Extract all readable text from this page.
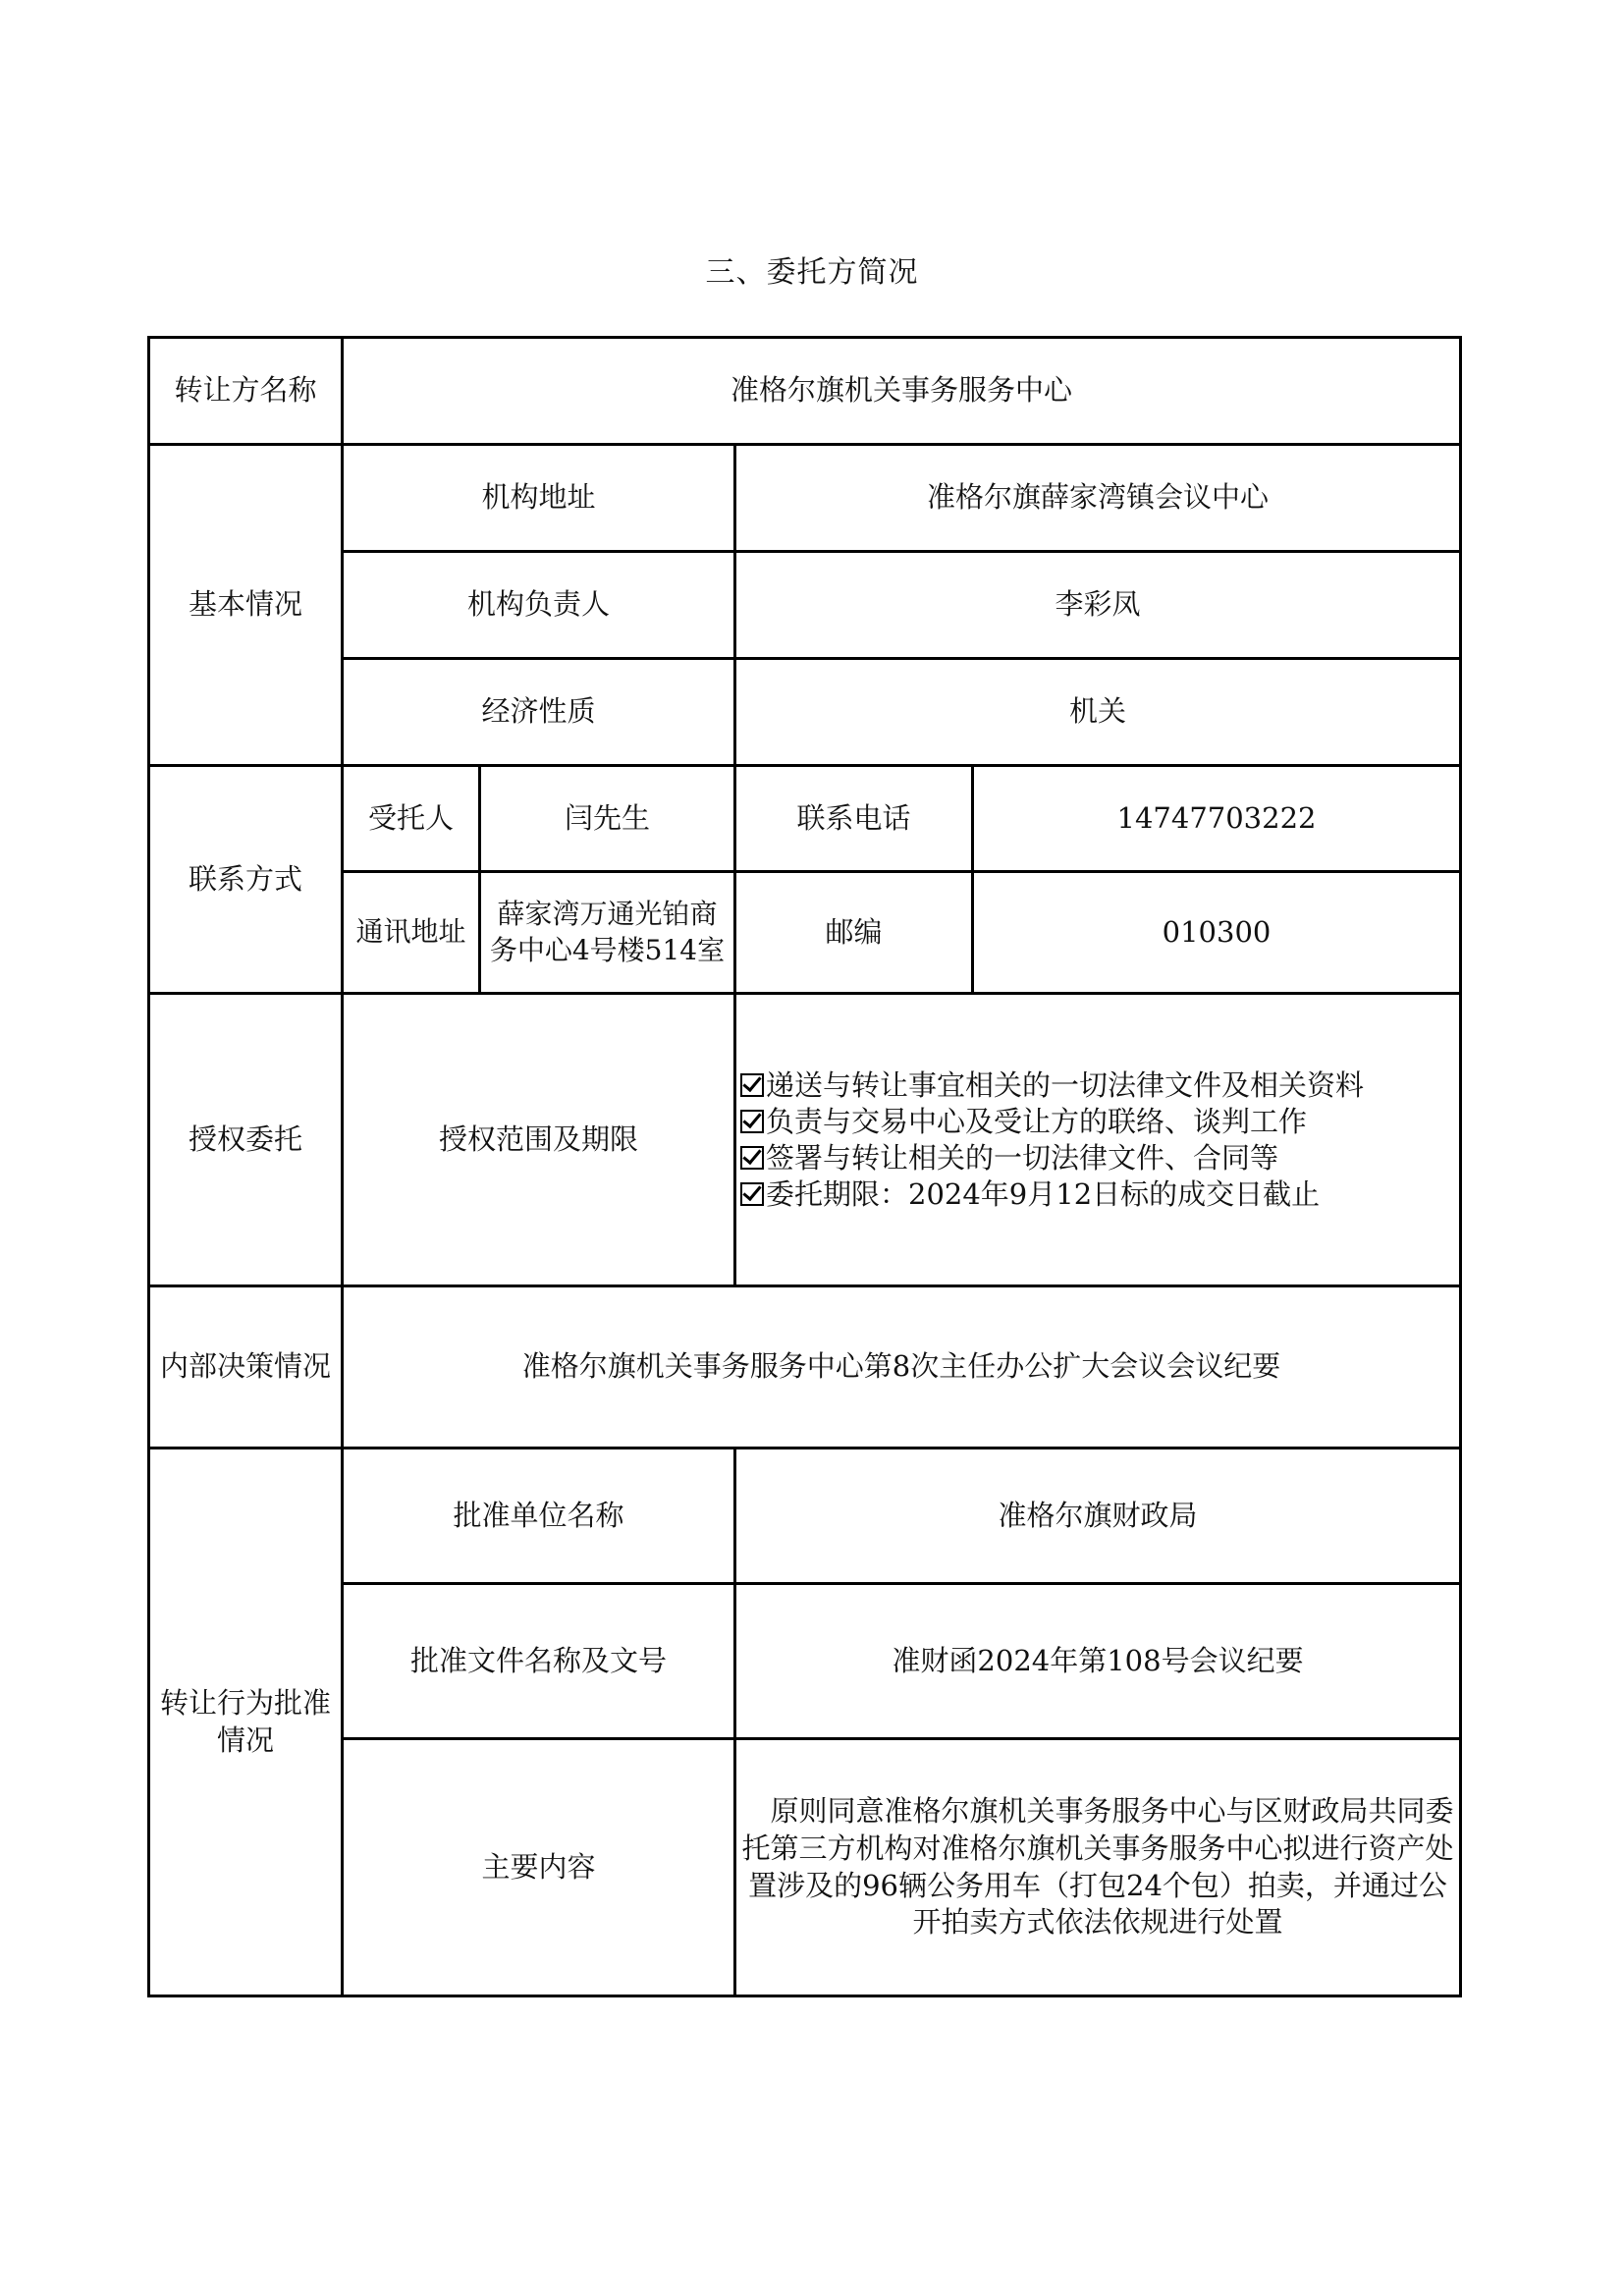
三、委托方简况
转让方名称	准格尔旗机关事务服务中心			
基本情况	机构地址		准格尔旗薛家湾镇会议中心	
	机构负责人		李彩凤	
	经济性质		机关	
联系方式	受托人	闫先生	联系电话	14747703222
	通讯地址	薛家湾万通光铂商务中心4号楼514室	邮编	010300
授权委托	授权范围及期限		递送与转让事宜相关的一切法律文件及相关资料
负责与交易中心及受让方的联络、谈判工作
签署与转让相关的一切法律文件、合同等
委托期限：2024年9月12日标的成交日截止	

内部决策情况	准格尔旗机关事务服务中心第8次主任办公扩大会议会议纪要			
转让行为批准情况	批准单位名称		准格尔旗财政局	
	批准文件名称及文号		准财函2024年第108号会议纪要	
	主要内容		原则同意准格尔旗机关事务服务中心与区财政局共同委托第三方机构对准格尔旗机关事务服务中心拟进行资产处置涉及的96辆公务用车（打包24个包）拍卖，并通过公开拍卖方式依法依规进行处置	
